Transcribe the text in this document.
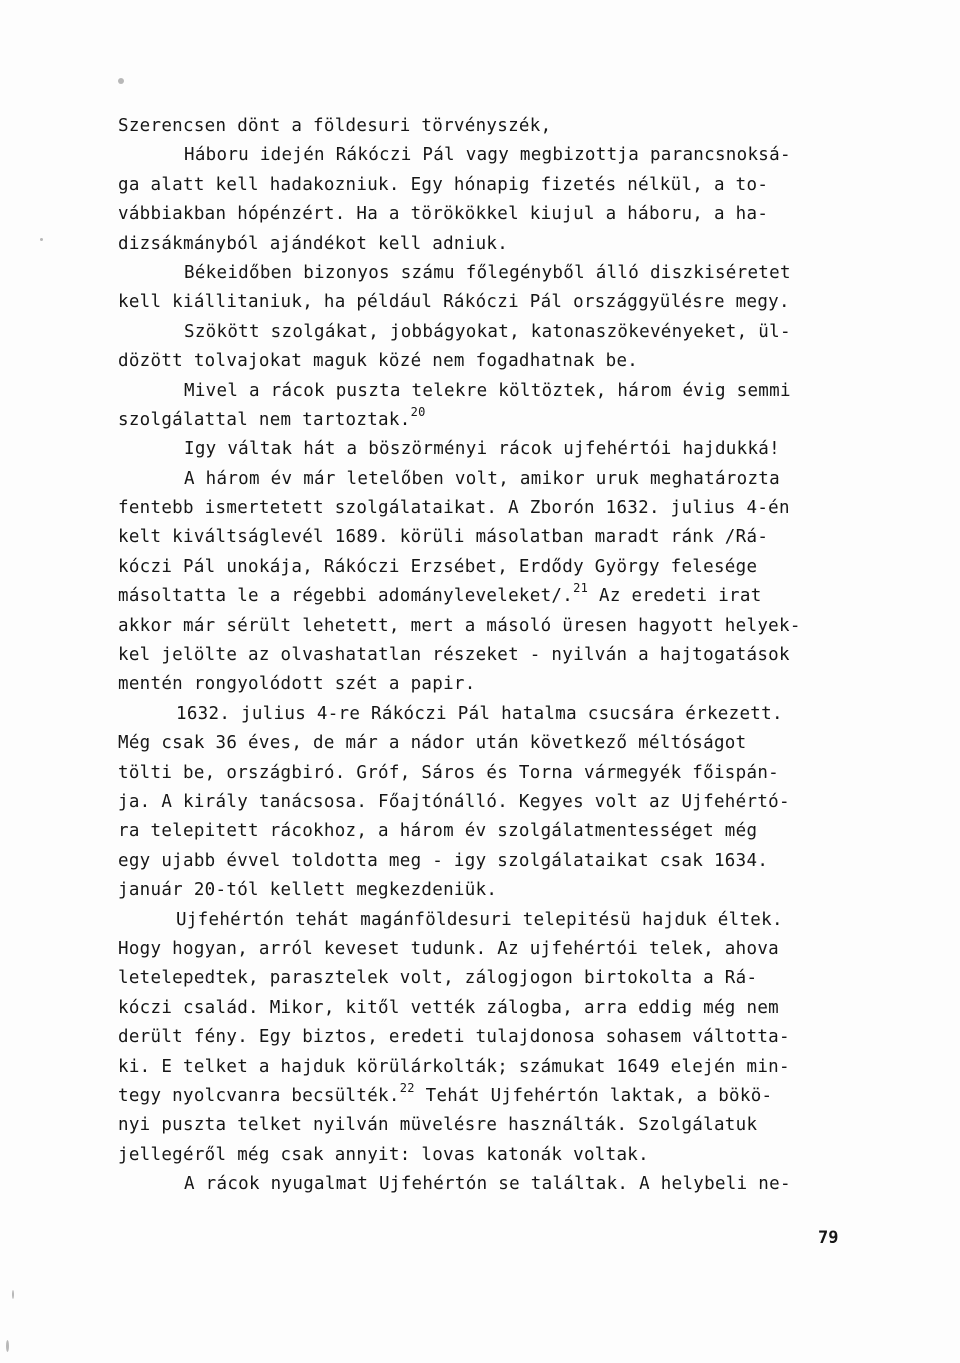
Szerencsen dönt a földesuri törvényszék,
Háboru idején Rákóczi Pál vagy megbizottja parancsnoksá-
ga alatt kell hadakozniuk. Egy hónapig fizetés nélkül, a to-
vábbiakban hópénzért. Ha a törökökkel kiujul a háboru, a ha-
dizsákmányból ajándékot kell adniuk.
Békeidőben bizonyos számu főlegényből álló diszkiséretet
kell kiállitaniuk, ha például Rákóczi Pál országgyülésre megy.
Szökött szolgákat, jobbágyokat, katonaszökevényeket, ül-
dözött tolvajokat maguk közé nem fogadhatnak be.
Mivel a rácok puszta telekre költöztek, három évig semmi
szolgálattal nem tartoztak.$^{20}$
Igy váltak hát a böszörményi rácok ujfehértói hajdukká!
A három év már letelőben volt, amikor uruk meghatározta
fentebb ismertetett szolgálataikat. A Zborón 1632. julius 4-én
kelt kiváltságlevél 1689. körüli másolatban maradt ránk /Rá-
kóczi Pál unokája, Rákóczi Erzsébet, Erdődy György felesége
másoltatta le a régebbi adományleveleket/.$^{21}$ Az eredeti irat
akkor már sérült lehetett, mert a másoló üresen hagyott helyek-
kel jelölte az olvashatatlan részeket - nyilván a hajtogatások
mentén rongyolódott szét a papir.
1632. julius 4-re Rákóczi Pál hatalma csucsára érkezett.
Még csak 36 éves, de már a nádor után következő méltóságot
tölti be, országbiró. Gróf, Sáros és Torna vármegyék főispán-
ja. A király tanácsosa. Főajtónálló. Kegyes volt az Ujfehértó-
ra telepitett rácokhoz, a három év szolgálatmentességet még
egy ujabb évvel toldotta meg - igy szolgálataikat csak 1634.
január 20-tól kellett megkezdeniük.
Ujfehértón tehát magánföldesuri telepitésü hajduk éltek.
Hogy hogyan, arról keveset tudunk. Az ujfehértói telek, ahova
letelepedtek, parasztelek volt, zálogjogon birtokolta a Rá-
kóczi család. Mikor, kitől vették zálogba, arra eddig még nem
derült fény. Egy biztos, eredeti tulajdonosa sohasem váltotta-
ki. E telket a hajduk körülárkolták; számukat 1649 elején min-
tegy nyolcvanra becsülték.$^{22}$ Tehát Ujfehértón laktak, a bökö-
nyi puszta telket nyilván müvelésre használták. Szolgálatuk
jellegéről még csak annyit: lovas katonák voltak.
A rácok nyugalmat Ujfehértón se találtak. A helybeli ne-
79
